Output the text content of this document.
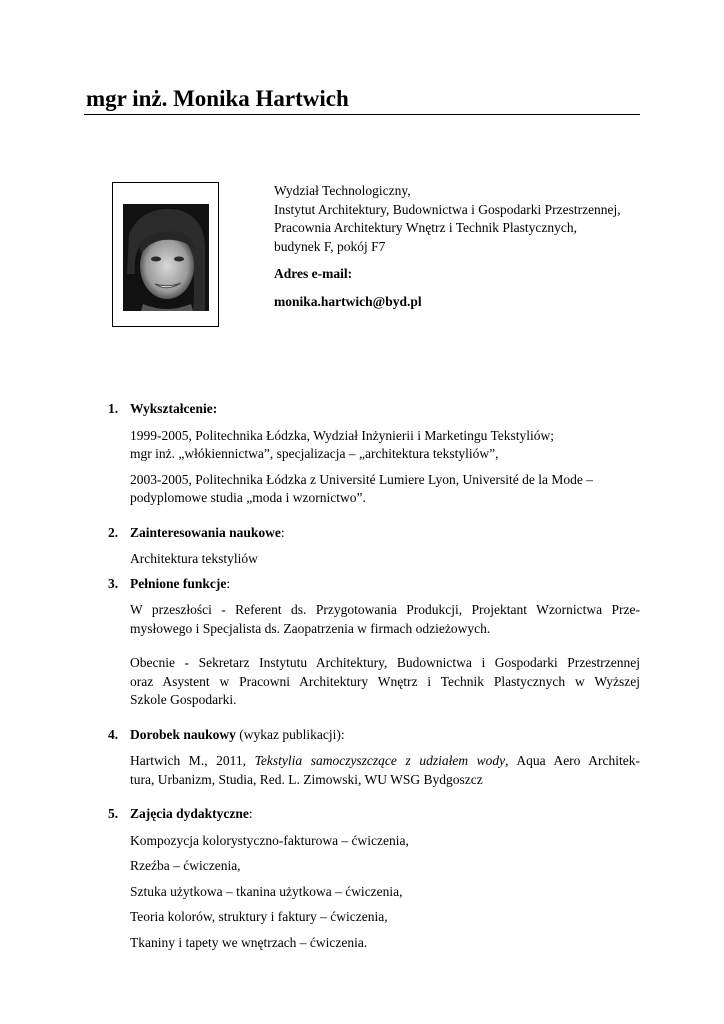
mgr inż. Monika Hartwich
Wydział Technologiczny,
Instytut Architektury, Budownictwa i Gospodarki Przestrzennej,
Pracownia Architektury Wnętrz i Technik Plastycznych,
budynek F, pokój F7
Adres e-mail:
monika.hartwich@byd.pl
1. Wykształcenie:
1999-2005, Politechnika Łódzka, Wydział Inżynierii i Marketingu Tekstyliów;
mgr inż. „włókiennictwa”, specjalizacja – „architektura tekstyliów”,
2003-2005, Politechnika Łódzka z Université Lumiere Lyon, Université de la Mode –
podyplomowe studia „moda i wzornictwo”.
2. Zainteresowania naukowe:
Architektura tekstyliów
3. Pełnione funkcje:
W przeszłości - Referent ds. Przygotowania Produkcji, Projektant Wzornictwa Prze-
mysłowego i Specjalista ds. Zaopatrzenia w firmach odzieżowych.
Obecnie - Sekretarz Instytutu Architektury, Budownictwa i Gospodarki Przestrzennej
oraz Asystent w Pracowni Architektury Wnętrz i Technik Plastycznych w Wyższej
Szkole Gospodarki.
4. Dorobek naukowy (wykaz publikacji):
Hartwich M., 2011, Tekstylia samoczyszczące z udziałem wody, Aqua Aero Architek-
tura, Urbanizm, Studia, Red. L. Zimowski, WU WSG Bydgoszcz
5. Zajęcia dydaktyczne:
Kompozycja kolorystyczno-fakturowa – ćwiczenia,
Rzeźba – ćwiczenia,
Sztuka użytkowa – tkanina użytkowa – ćwiczenia,
Teoria kolorów, struktury i faktury – ćwiczenia,
Tkaniny i tapety we wnętrzach – ćwiczenia.
